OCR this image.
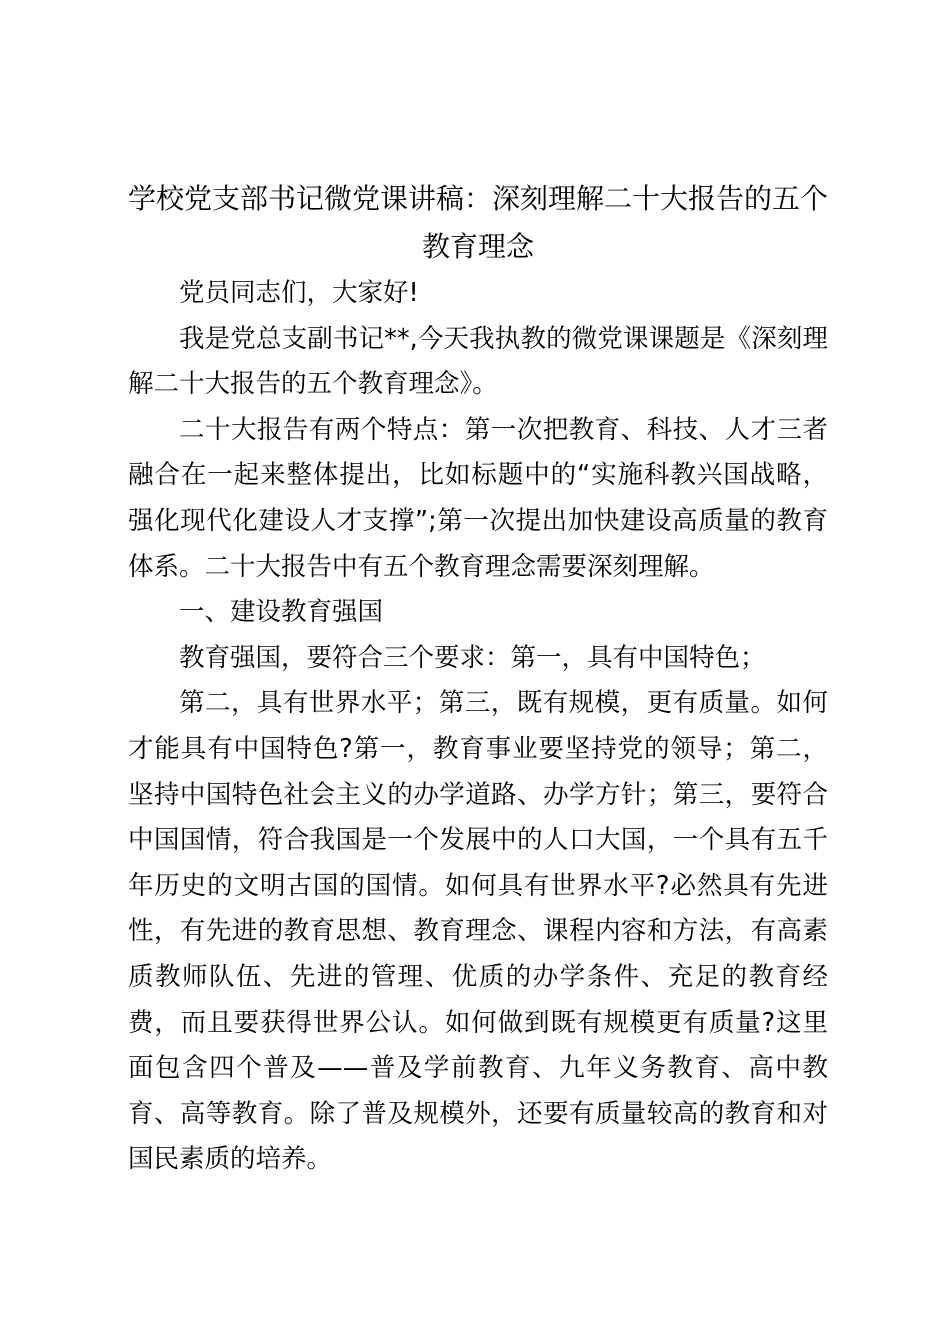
学校党支部书记微党课讲稿：深刻理解二十大报告的五个教育理念

党员同志们，大家好!

我是党总支副书记**,今天我执教的微党课课题是《深刻理解二十大报告的五个教育理念》。

二十大报告有两个特点：第一次把教育、科技、人才三者融合在一起来整体提出，比如标题中的“实施科教兴国战略，强化现代化建设人才支撑”;第一次提出加快建设高质量的教育体系。二十大报告中有五个教育理念需要深刻理解。

一、建设教育强国

教育强国，要符合三个要求：第一，具有中国特色；

第二，具有世界水平；第三，既有规模，更有质量。如何才能具有中国特色?第一，教育事业要坚持党的领导；第二，坚持中国特色社会主义的办学道路、办学方针；第三，要符合中国国情，符合我国是一个发展中的人口大国，一个具有五千年历史的文明古国的国情。如何具有世界水平?必然具有先进性，有先进的教育思想、教育理念、课程内容和方法，有高素质教师队伍、先进的管理、优质的办学条件、充足的教育经费，而且要获得世界公认。如何做到既有规模更有质量?这里面包含四个普及——普及学前教育、九年义务教育、高中教育、高等教育。除了普及规模外，还要有质量较高的教育和对国民素质的培养。
